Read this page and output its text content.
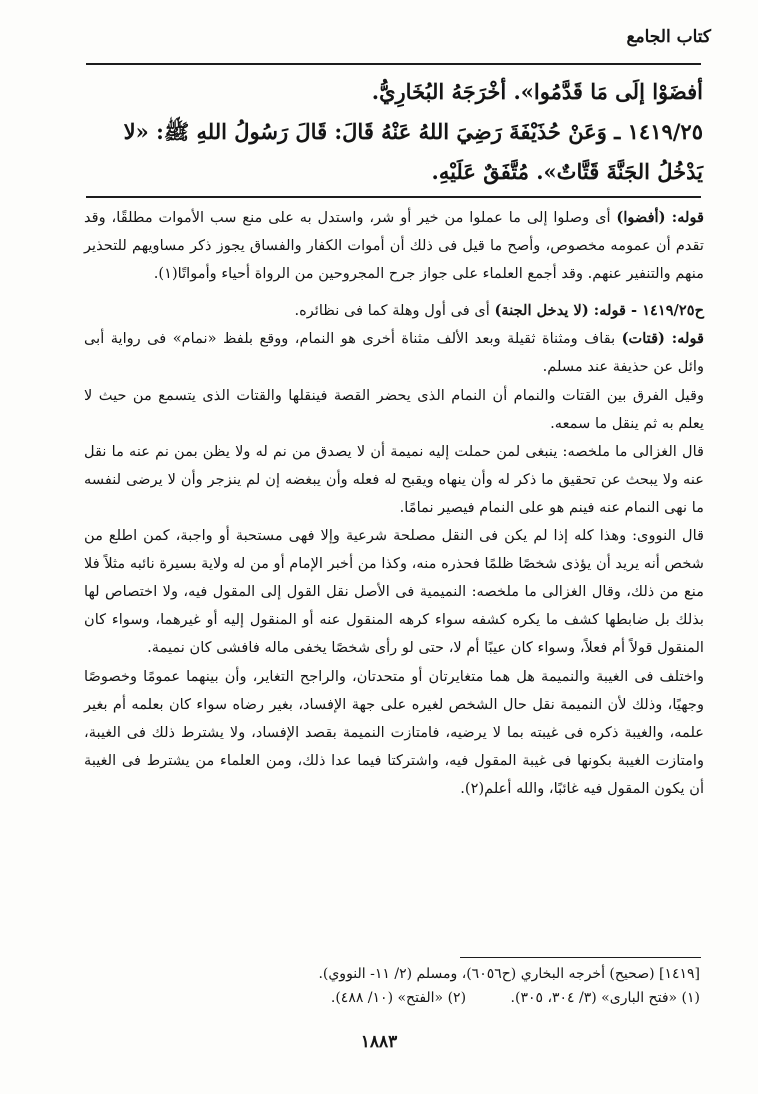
كتاب الجامع
أفضَوْا إلَى مَا قَدَّمُوا». أخْرَجَهُ البُخَارِيُّ.
١٤١٩/٢٥ ـ وَعَنْ حُذَيْفَةَ رَضِيَ اللهُ عَنْهُ قَالَ: قَالَ رَسُولُ اللهِ ﷺ: «لا
يَدْخُلُ الجَنَّةَ قَتَّاتٌ». مُتَّفَقٌ عَلَيْهِ.

قوله: (أفضوا) أى وصلوا إلى ما عملوا من خير أو شر، واستدل به على منع سب الأموات مطلقًا، وقد تقدم أن عمومه مخصوص، وأصح ما قيل فى ذلك أن أموات الكفار والفساق يجوز ذكر مساويهم للتحذير منهم والتنفير عنهم. وقد أجمع العلماء على جواز جرح المجروحين من الرواة أحياء وأمواتًا(١).

ح١٤١٩/٢٥ - قوله: (لا يدخل الجنة) أى فى أول وهلة كما فى نظائره.

قوله: (قتات) بقاف ومثناة ثقيلة وبعد الألف مثناة أخرى هو النمام، ووقع بلفظ «نمام» فى رواية أبى وائل عن حذيفة عند مسلم.

وقيل الفرق بين القتات والنمام أن النمام الذى يحضر القصة فينقلها والقتات الذى يتسمع من حيث لا يعلم به ثم ينقل ما سمعه.

قال الغزالى ما ملخصه: ينبغى لمن حملت إليه نميمة أن لا يصدق من نم له ولا يظن بمن نم عنه ما نقل عنه ولا يبحث عن تحقيق ما ذكر له وأن ينهاه ويقبح له فعله وأن يبغضه إن لم ينزجر وأن لا يرضى لنفسه ما نهى النمام عنه فينم هو على النمام فيصير نمامًا.

قال النووى: وهذا كله إذا لم يكن فى النقل مصلحة شرعية وإلا فهى مستحبة أو واجبة، كمن اطلع من شخص أنه يريد أن يؤذى شخصًا ظلمًا فحذره منه، وكذا من أخبر الإمام أو من له ولاية بسيرة نائبه مثلاً فلا منع من ذلك، وقال الغزالى ما ملخصه: النميمية فى الأصل نقل القول إلى المقول فيه، ولا اختصاص لها بذلك بل ضابطها كشف ما يكره كشفه سواء كرهه المنقول عنه أو المنقول إليه أو غيرهما، وسواء كان المنقول قولاً أم فعلاً، وسواء كان عيبًا أم لا، حتى لو رأى شخصًا يخفى ماله فافشى كان نميمة.

واختلف فى الغيبة والنميمة هل هما متغايرتان أو متحدتان، والراجح التغاير، وأن بينهما عمومًا وخصوصًا وجهيًا، وذلك لأن النميمة نقل حال الشخص لغيره على جهة الإفساد، بغير رضاه سواء كان بعلمه أم بغير علمه، والغيبة ذكره فى غيبته بما لا يرضيه، فامتازت النميمة بقصد الإفساد، ولا يشترط ذلك فى الغيبة، وامتازت الغيبة بكونها فى غيبة المقول فيه، واشتركتا فيما عدا ذلك، ومن العلماء من يشترط فى الغيبة أن يكون المقول فيه غائبًا، والله أعلم(٢).

[١٤١٩] (صحيح) أخرجه البخاري (ح٦٠٥٦)، ومسلم (٢/ ١١- النووي).

(١) «فتح البارى» (٣/ ٣٠٤، ٣٠٥).          (٢) «الفتح» (١٠/ ٤٨٨).

١٨٨٣
